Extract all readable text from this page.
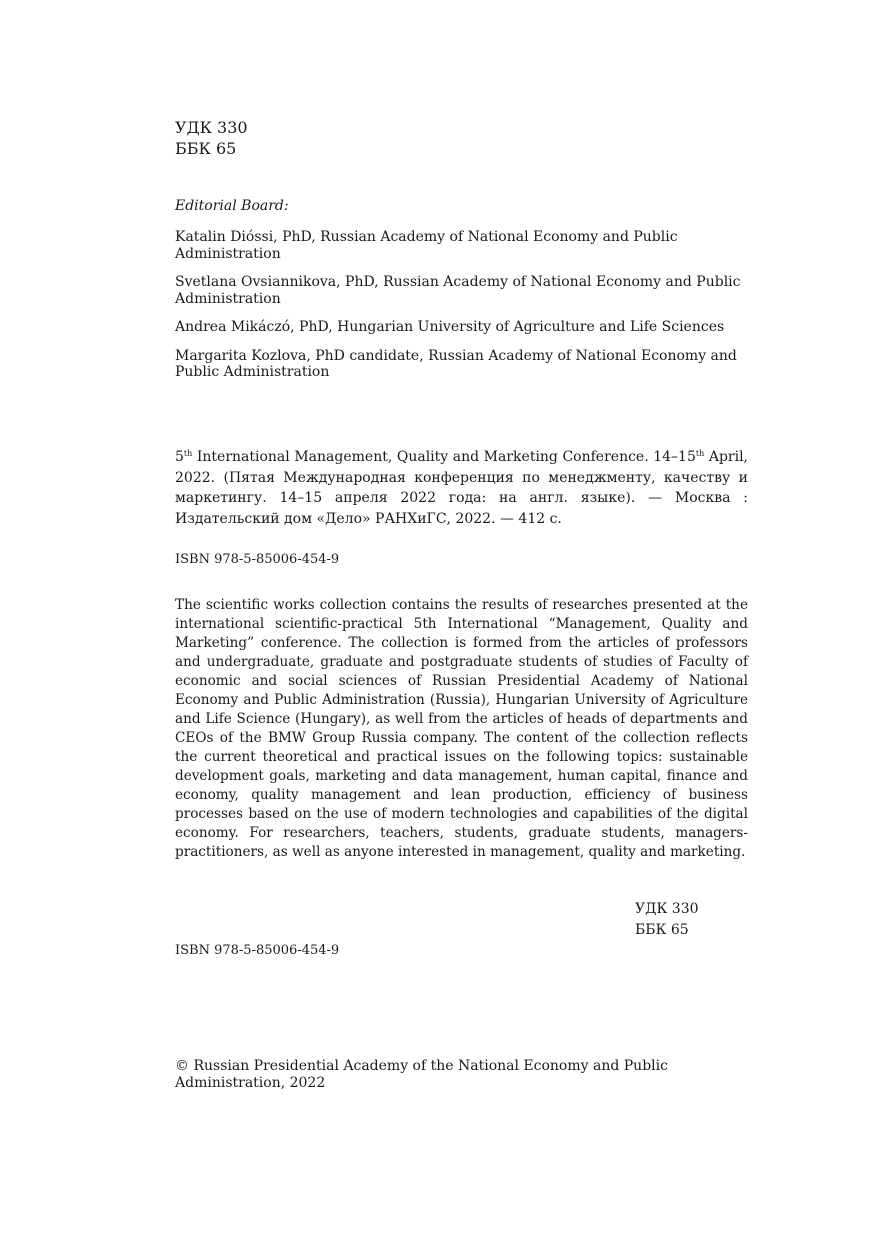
УДК 330
ББК 65
Editorial Board:
Katalin Dióssi, PhD, Russian Academy of National Economy and Public Administration
Svetlana Ovsiannikova, PhD, Russian Academy of National Economy and Public Administration
Andrea Mikáczó, PhD, Hungarian University of Agriculture and Life Sciences
Margarita Kozlova, PhD candidate, Russian Academy of National Economy and Public Administration
5th International Management, Quality and Marketing Conference. 14–15th April, 2022. (Пятая Международная конференция по менеджменту, качеству и маркетингу. 14–15 апреля 2022 года: на англ. языке). — Москва : Издательский дом «Дело» РАНХиГС, 2022. — 412 с.
ISBN 978-5-85006-454-9
The scientific works collection contains the results of researches presented at the international scientific-practical 5th International “Management, Quality and Marketing” conference. The collection is formed from the articles of professors and undergraduate, graduate and postgraduate students of studies of Faculty of economic and social sciences of Russian Presidential Academy of National Economy and Public Administration (Russia), Hungarian University of Agriculture and Life Science (Hungary), as well from the articles of heads of departments and CEOs of the BMW Group Russia company. The content of the collection reflects the current theoretical and practical issues on the following topics: sustainable development goals, marketing and data management, human capital, finance and economy, quality management and lean production, efficiency of business processes based on the use of modern technologies and capabilities of the digital economy. For researchers, teachers, students, graduate students, managers-practitioners, as well as anyone interested in management, quality and marketing.
УДК 330
ББК 65
ISBN 978-5-85006-454-9
© Russian Presidential Academy of the National Economy and Public Administration, 2022
